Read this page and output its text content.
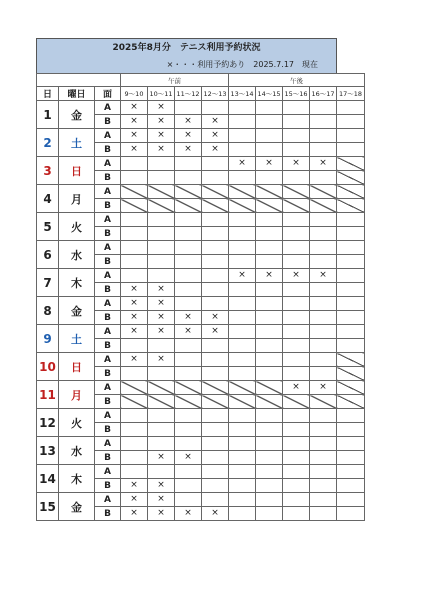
2025年8月分　テニス利用予約状況
×・・・利用予約あり　2025.7.17　現在
			午前				午後				
日	曜日	面	9～10	10～11	11～12	12～13	13～14	14～15	15～16	16～17	17～18
1	金	A	×	×							
		B	×	×	×	×					
2	土	A	×	×	×	×					
		B	×	×	×	×					
3	日	A					×	×	×	×	
		B									
4	月	A									
		B									
5	火	A									
		B									
6	水	A									
		B									
7	木	A					×	×	×	×	
		B	×	×							
8	金	A	×	×							
		B	×	×	×	×					
9	土	A	×	×	×	×					
		B									
10	日	A	×	×							
		B									
11	月	A							×	×	
		B									
12	火	A									
		B									
13	水	A									
		B		×	×						
14	木	A									
		B	×	×							
15	金	A	×	×							
		B	×	×	×	×					
